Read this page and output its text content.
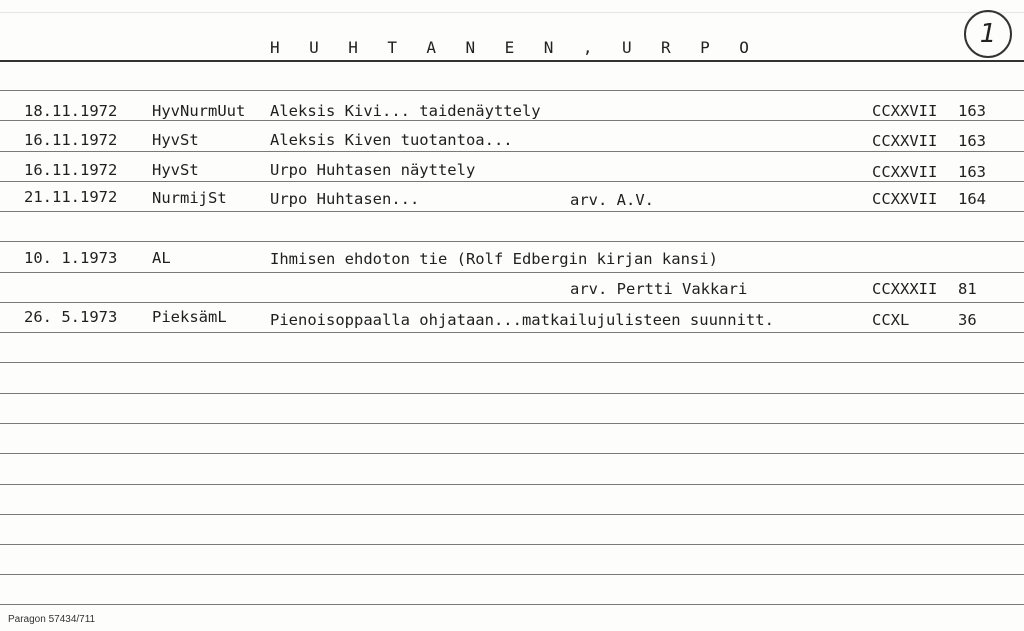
H U H T A N E N , U R P O	1
18.11.1972 HyvNurmUut Aleksis Kivi... taidenäyttely	CCXXVII 163
16.11.1972 HyvSt	Aleksis Kiven tuotantoa...	CCXXVII 163
16.11.1972 HyvSt	Urpo Huhtasen näyttely	CCXXVII 163
21.11.1972 NurmijSt	Urpo Huhtasen...	arv. A.V.	CCXXVII 164
10. 1.1973 AL	Ihmisen ehdoton tie (Rolf Edbergin kirjan kansi)
arv. Pertti Vakkari	CCXXXII 81
26. 5.1973 PieksämL	Pienoisoppaalla ohjataan...matkailujulisteen suunnitt.	CCXL	36
Paragon 57434/711
